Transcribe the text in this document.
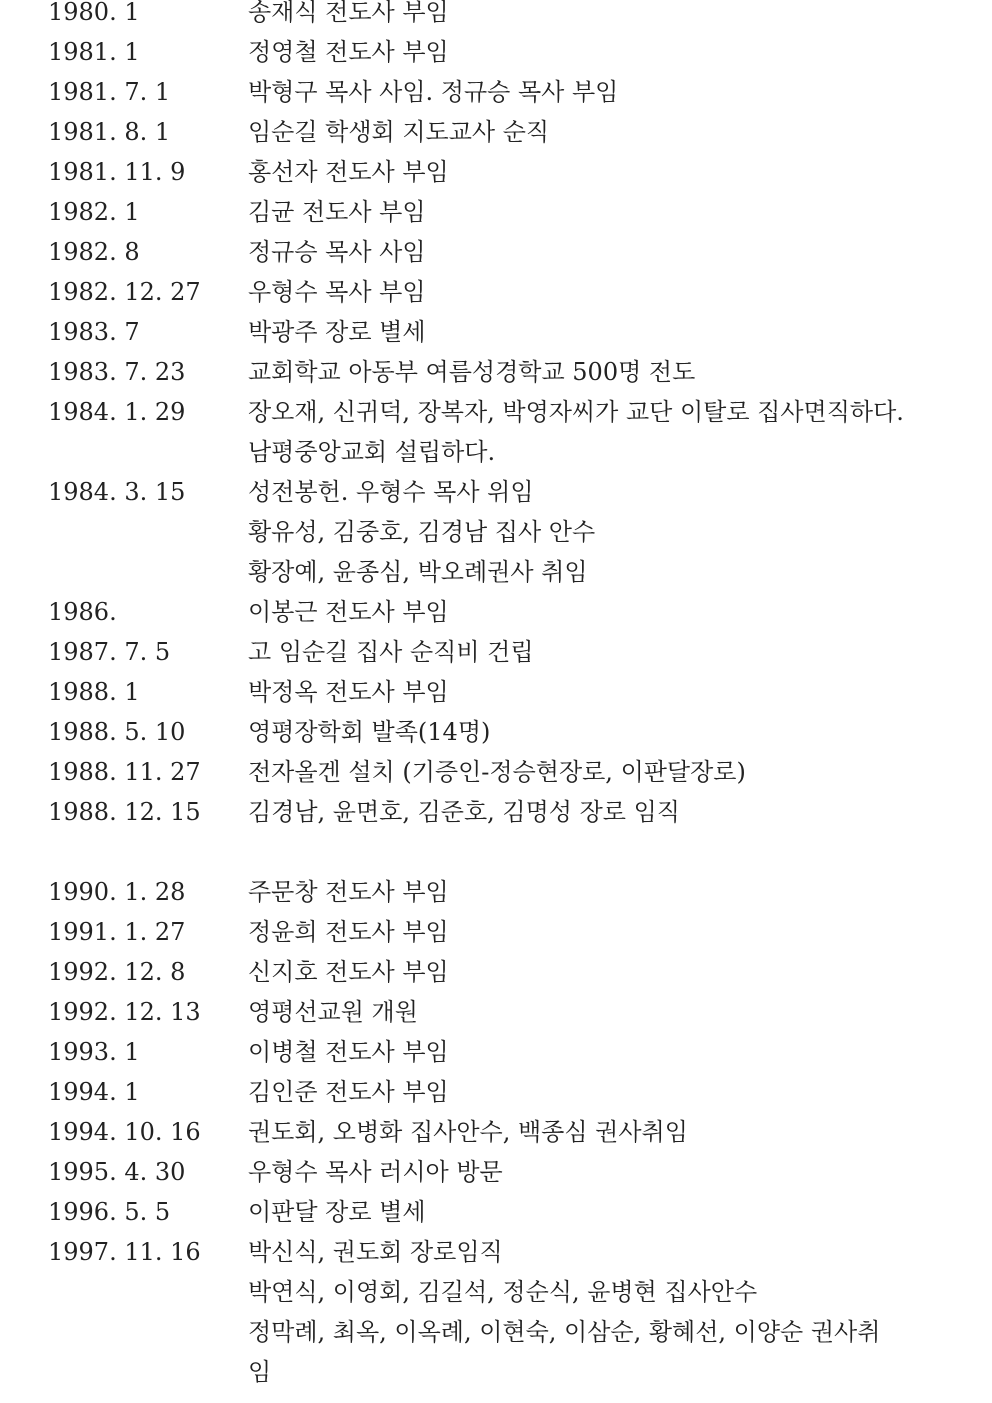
1980. 1	송재식 전도사 부임
1981. 1	정영철 전도사 부임
1981. 7. 1	박형구 목사 사임. 정규승 목사 부임
1981. 8. 1	임순길 학생회 지도교사 순직
1981. 11. 9	홍선자 전도사 부임
1982. 1	김균 전도사 부임
1982. 8	정규승 목사 사임
1982. 12. 27 우형수 목사 부임
1983. 7	박광주 장로 별세
1983. 7. 23	교회학교 아동부 여름성경학교 500명 전도
1984. 1. 29	장오재, 신귀덕, 장복자, 박영자씨가 교단 이탈로 집사면직하다.
남평중앙교회 설립하다.
1984. 3. 15	성전봉헌. 우형수 목사 위임
황유성, 김중호, 김경남 집사 안수
황장예, 윤종심, 박오례권사 취임
1986.	이봉근 전도사 부임
1987. 7. 5	고 임순길 집사 순직비 건립
1988. 1	박정옥 전도사 부임
1988. 5. 10	영평장학회 발족(14명)
1988. 11. 27 전자올겐 설치 (기증인-정승현장로, 이판달장로)
1988. 12. 15 김경남, 윤면호, 김준호, 김명성 장로 임직
1990. 1. 28	주문창 전도사 부임
1991. 1. 27	정윤희 전도사 부임
1992. 12. 8	신지호 전도사 부임
1992. 12. 13 영평선교원 개원
1993. 1	이병철 전도사 부임
1994. 1	김인준 전도사 부임
1994. 10. 16 권도회, 오병화 집사안수, 백종심 권사취임
1995. 4. 30	우형수 목사 러시아 방문
1996. 5. 5	이판달 장로 별세
1997. 11. 16 박신식, 권도회 장로임직
박연식, 이영회, 김길석, 정순식, 윤병현 집사안수
정막례, 최옥, 이옥례, 이현숙, 이삼순, 황혜선, 이양순 권사취
임
